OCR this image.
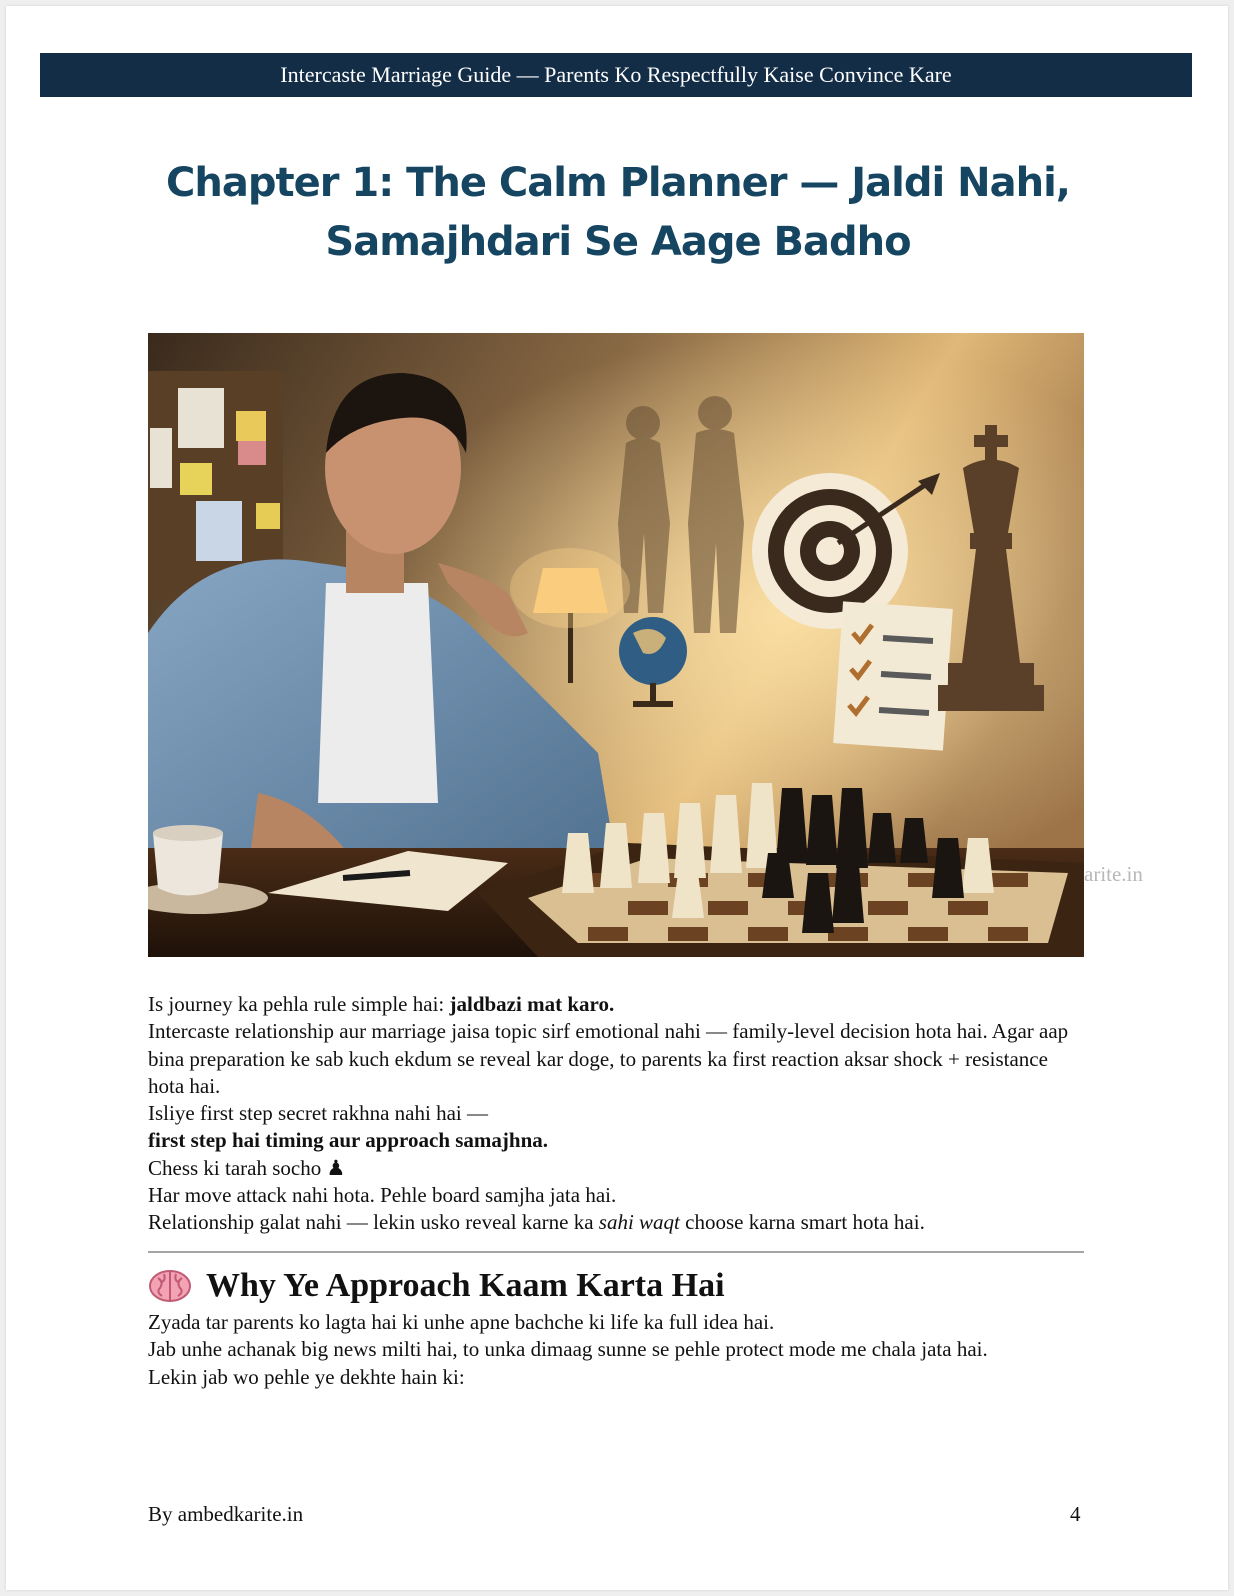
Intercaste Marriage Guide — Parents Ko Respectfully Kaise Convince Kare
Chapter 1: The Calm Planner — Jaldi Nahi,
Samajhdari Se Aage Badho
arite.in

Is journey ka pehla rule simple hai: jaldbazi mat karo.

Intercaste relationship aur marriage jaisa topic sirf emotional nahi — family-level decision hota hai. Agar aap bina preparation ke sab kuch ekdum se reveal kar doge, to parents ka first reaction aksar shock + resistance hota hai.

Isliye first step secret rakhna nahi hai —

first step hai timing aur approach samajhna.

Chess ki tarah socho ♟

Har move attack nahi hota. Pehle board samjha jata hai.

Relationship galat nahi — lekin usko reveal karne ka sahi waqt choose karna smart hota hai.

Why Ye Approach Kaam Karta Hai

Zyada tar parents ko lagta hai ki unhe apne bachche ki life ka full idea hai.

Jab unhe achanak big news milti hai, to unka dimaag sunne se pehle protect mode me chala jata hai.

Lekin jab wo pehle ye dekhte hain ki:

By ambedkarite.in	4
